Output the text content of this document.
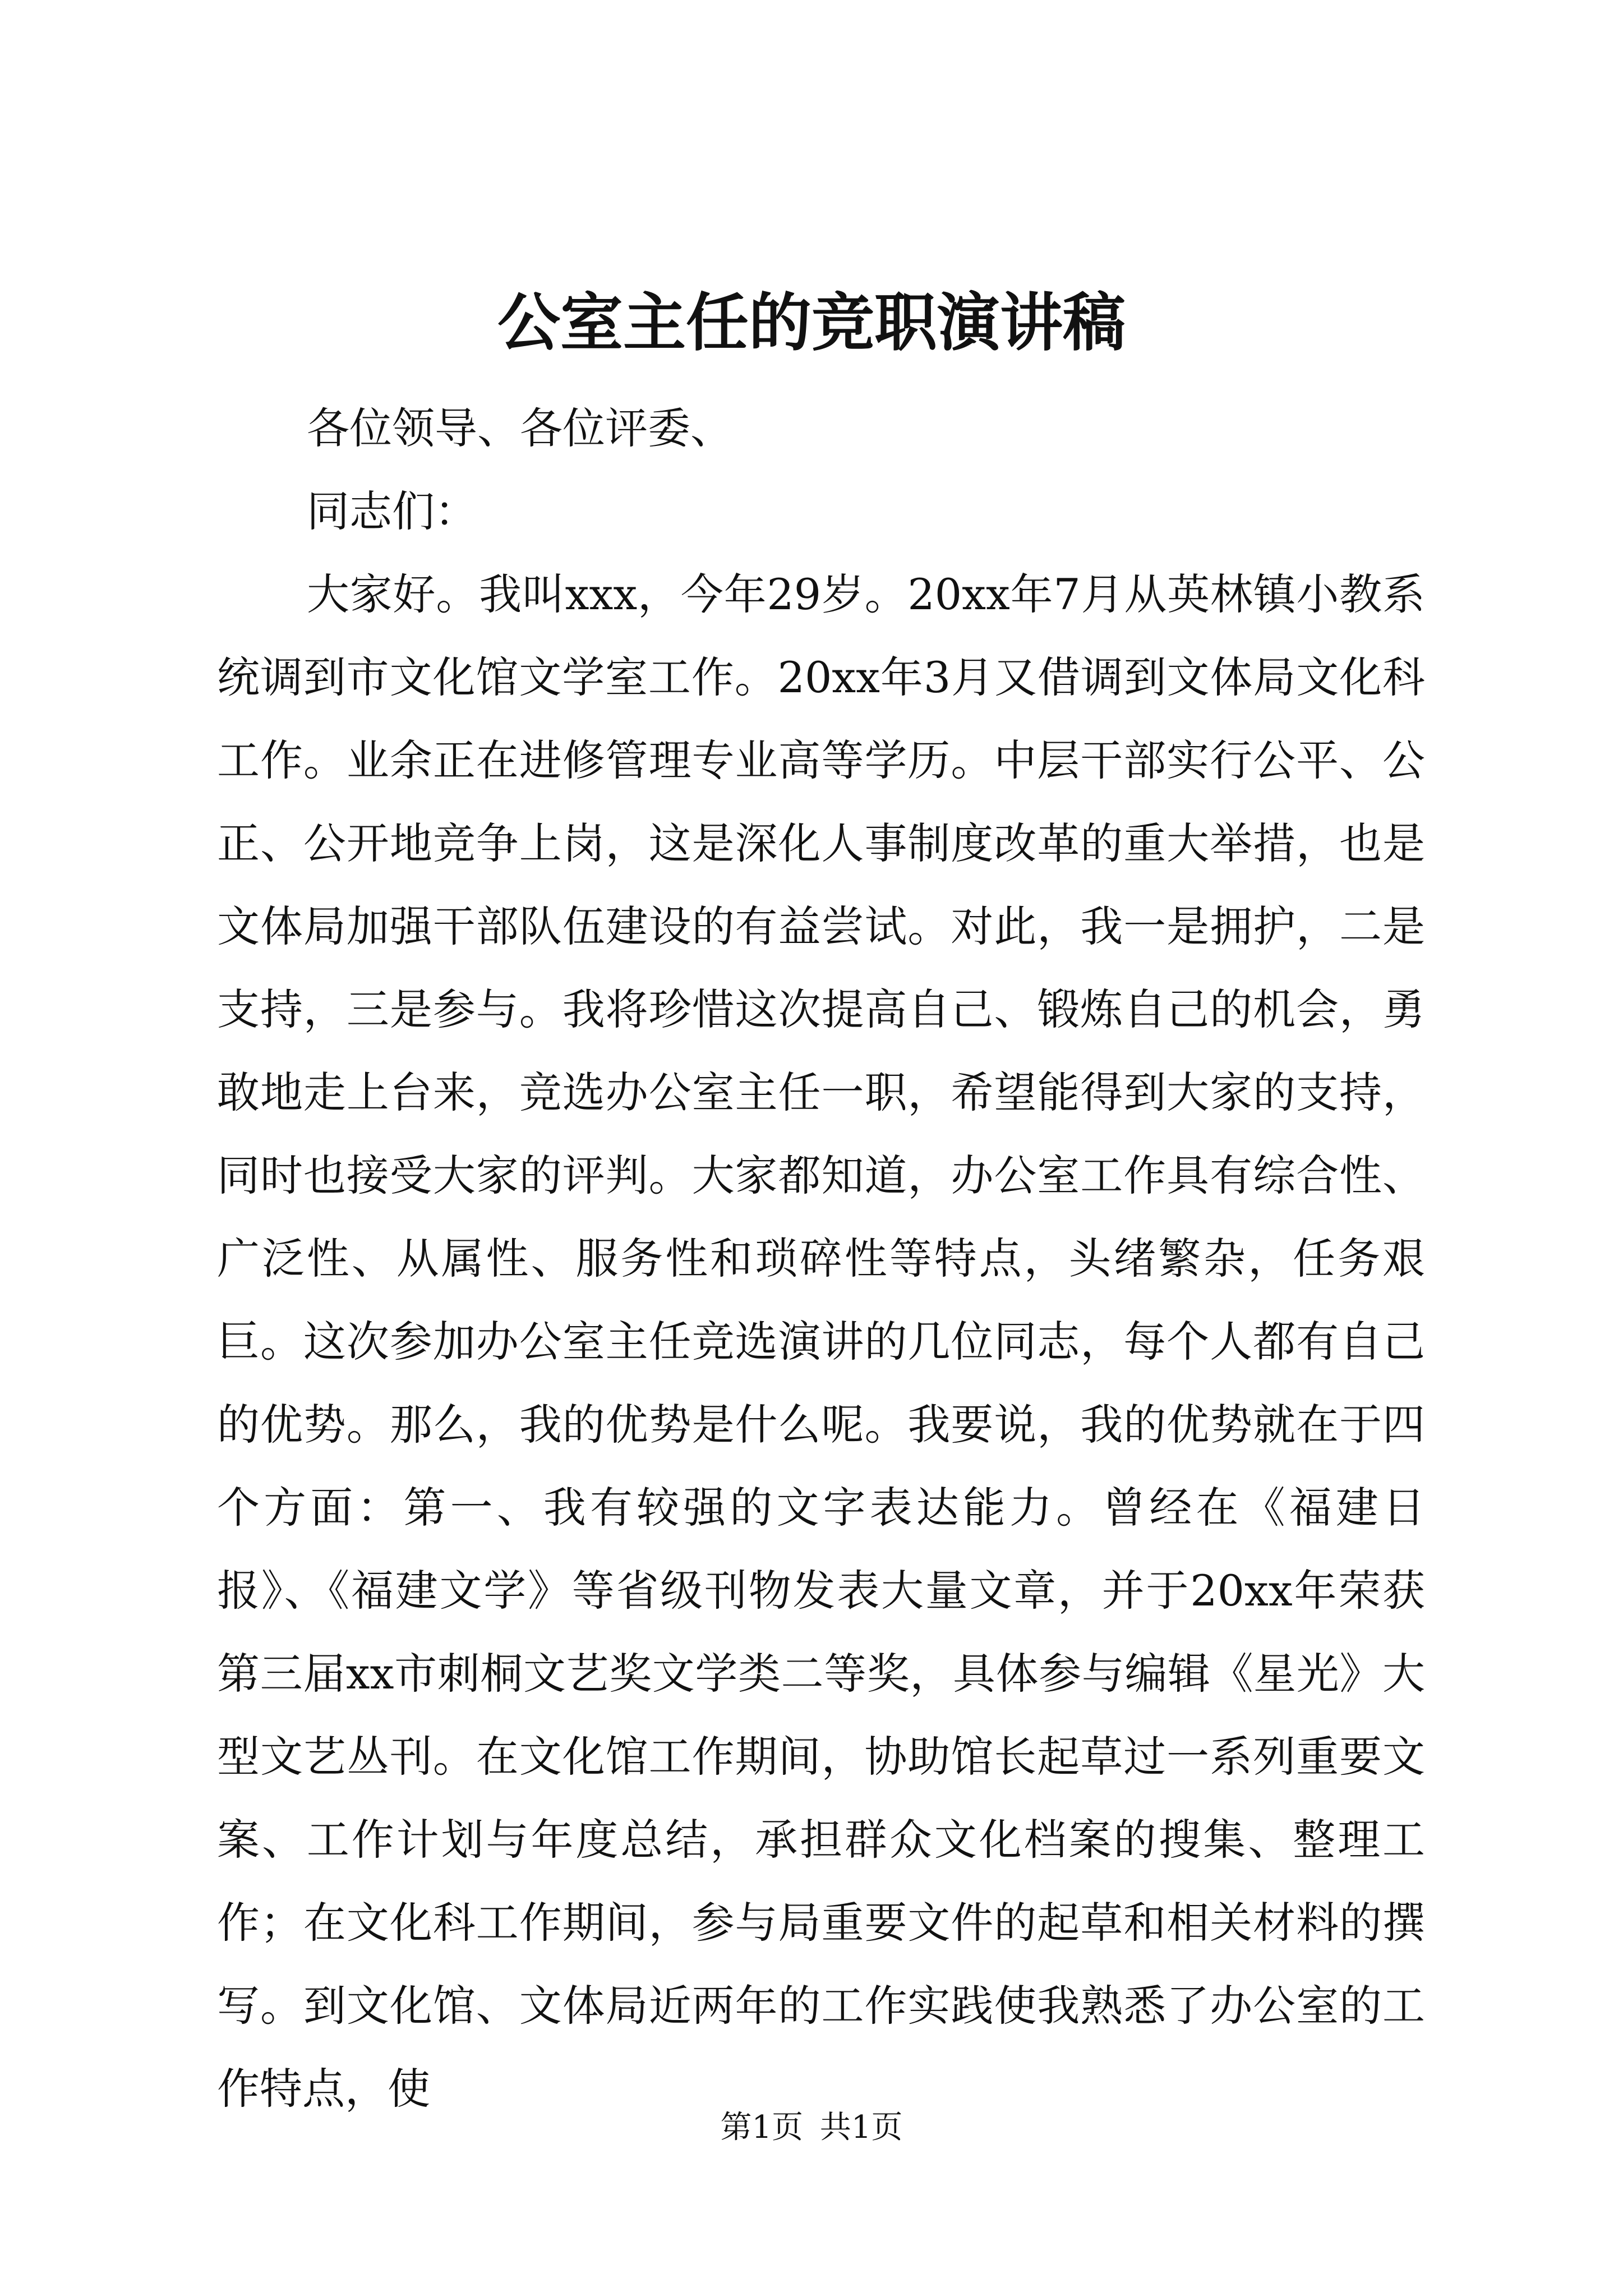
公室主任的竞职演讲稿

各位领导、各位评委、

同志们：

大家好。我叫xxx，今年29岁。20xx年7月从英林镇小教系统调到市文化馆文学室工作。20xx年3月又借调到文体局文化科工作。业余正在进修管理专业高等学历。中层干部实行公平、公正、公开地竞争上岗，这是深化人事制度改革的重大举措，也是文体局加强干部队伍建设的有益尝试。对此，我一是拥护，二是支持，三是参与。我将珍惜这次提高自己、锻炼自己的机会，勇敢地走上台来，竞选办公室主任一职，希望能得到大家的支持，同时也接受大家的评判。大家都知道，办公室工作具有综合性、广泛性、从属性、服务性和琐碎性等特点，头绪繁杂，任务艰巨。这次参加办公室主任竞选演讲的几位同志，每个人都有自己的优势。那么，我的优势是什么呢。我要说，我的优势就在于四个方面：第一、我有较强的文字表达能力。曾经在《福建日报》、《福建文学》等省级刊物发表大量文章，并于20xx年荣获第三届xx市刺桐文艺奖文学类二等奖，具体参与编辑《星光》大型文艺丛刊。在文化馆工作期间，协助馆长起草过一系列重要文案、工作计划与年度总结，承担群众文化档案的搜集、整理工作；在文化科工作期间，参与局重要文件的起草和相关材料的撰写。到文化馆、文体局近两年的工作实践使我熟悉了办公室的工作特点，使

第1页 共1页
